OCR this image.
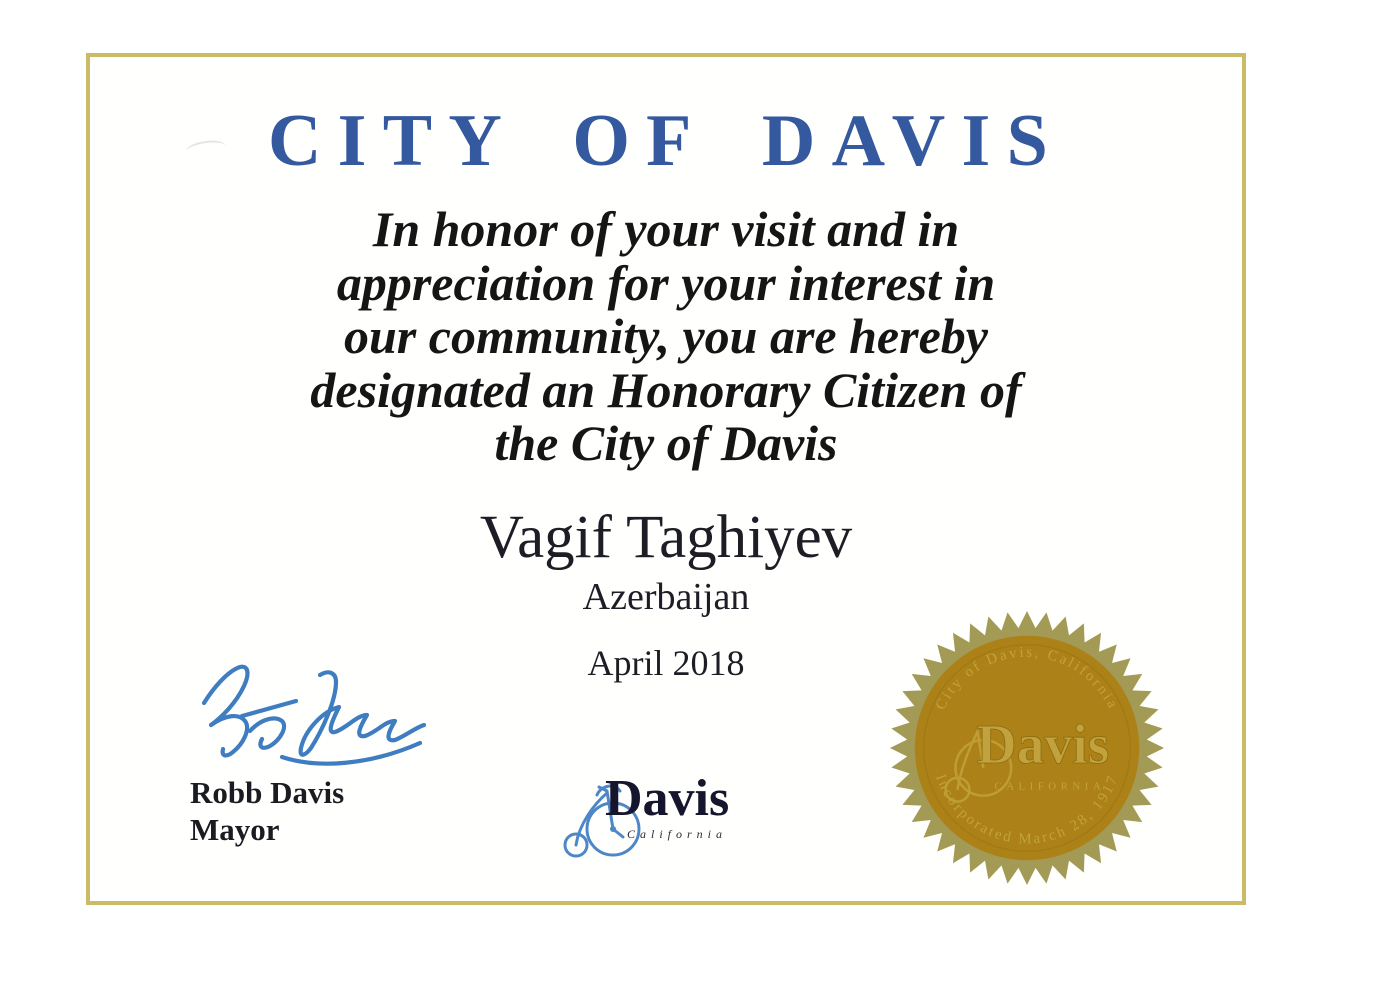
CITY OF DAVIS
In honor of your visit and in
appreciation for your interest in
our community, you are hereby
designated an Honorary Citizen of
the City of Davis
Vagif Taghiyev
Azerbaijan
April 2018
Robb Davis
Mayor
Davis
California
City of Davis, California
Incorporated March 28, 1917
Davis
CALIFORNIA
